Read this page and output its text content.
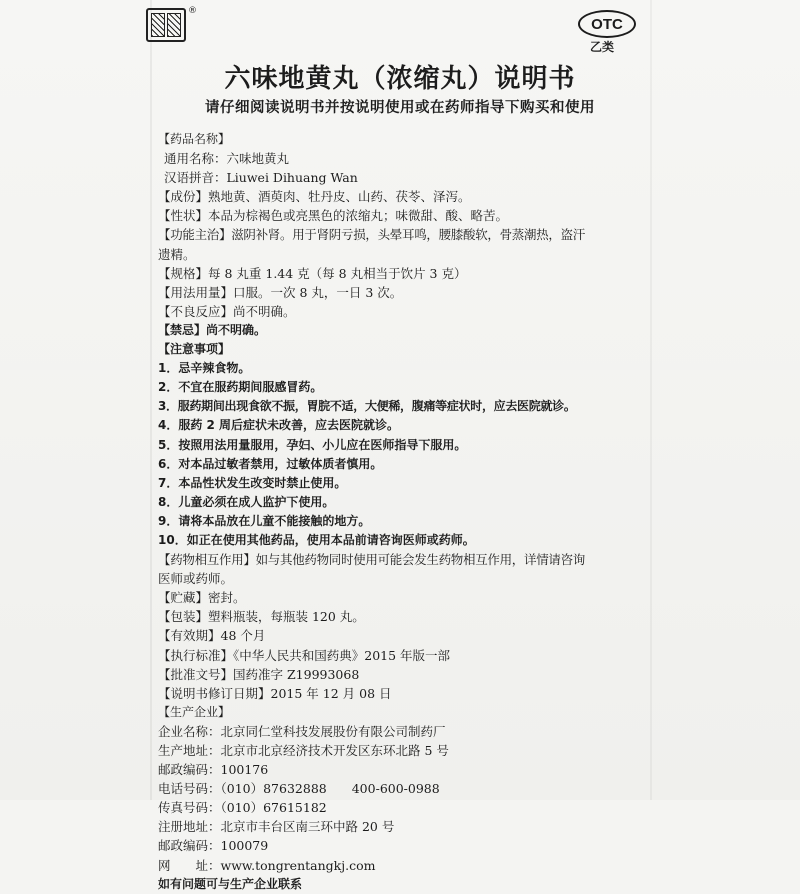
®
OTC
乙类
六味地黄丸（浓缩丸）说明书
请仔细阅读说明书并按说明使用或在药师指导下购买和使用
【药品名称】
通用名称：六味地黄丸
汉语拼音：Liuwei Dihuang Wan
【成份】熟地黄、酒萸肉、牡丹皮、山药、茯苓、泽泻。
【性状】本品为棕褐色或亮黑色的浓缩丸；味微甜、酸、略苦。
【功能主治】滋阴补肾。用于肾阴亏损，头晕耳鸣，腰膝酸软，骨蒸潮热，盗汗
遗精。
【规格】每 8 丸重 1.44 克（每 8 丸相当于饮片 3 克）
【用法用量】口服。一次 8 丸，一日 3 次。
【不良反应】尚不明确。
【禁忌】尚不明确。
【注意事项】
1．忌辛辣食物。
2．不宜在服药期间服感冒药。
3．服药期间出现食欲不振，胃脘不适，大便稀，腹痛等症状时，应去医院就诊。
4．服药 2 周后症状未改善，应去医院就诊。
5．按照用法用量服用，孕妇、小儿应在医师指导下服用。
6．对本品过敏者禁用，过敏体质者慎用。
7．本品性状发生改变时禁止使用。
8．儿童必须在成人监护下使用。
9．请将本品放在儿童不能接触的地方。
10．如正在使用其他药品，使用本品前请咨询医师或药师。
【药物相互作用】如与其他药物同时使用可能会发生药物相互作用，详情请咨询
医师或药师。
【贮藏】密封。
【包装】塑料瓶装，每瓶装 120 丸。
【有效期】48 个月
【执行标准】《中华人民共和国药典》2015 年版一部
【批准文号】国药准字 Z19993068
【说明书修订日期】2015 年 12 月 08 日
【生产企业】
企业名称：北京同仁堂科技发展股份有限公司制药厂
生产地址：北京市北京经济技术开发区东环北路 5 号
邮政编码：100176
电话号码：（010）87632888　　400-600-0988
传真号码：（010）67615182
注册地址：北京市丰台区南三环中路 20 号
邮政编码：100079
网　　址：www.tongrentangkj.com
如有问题可与生产企业联系
